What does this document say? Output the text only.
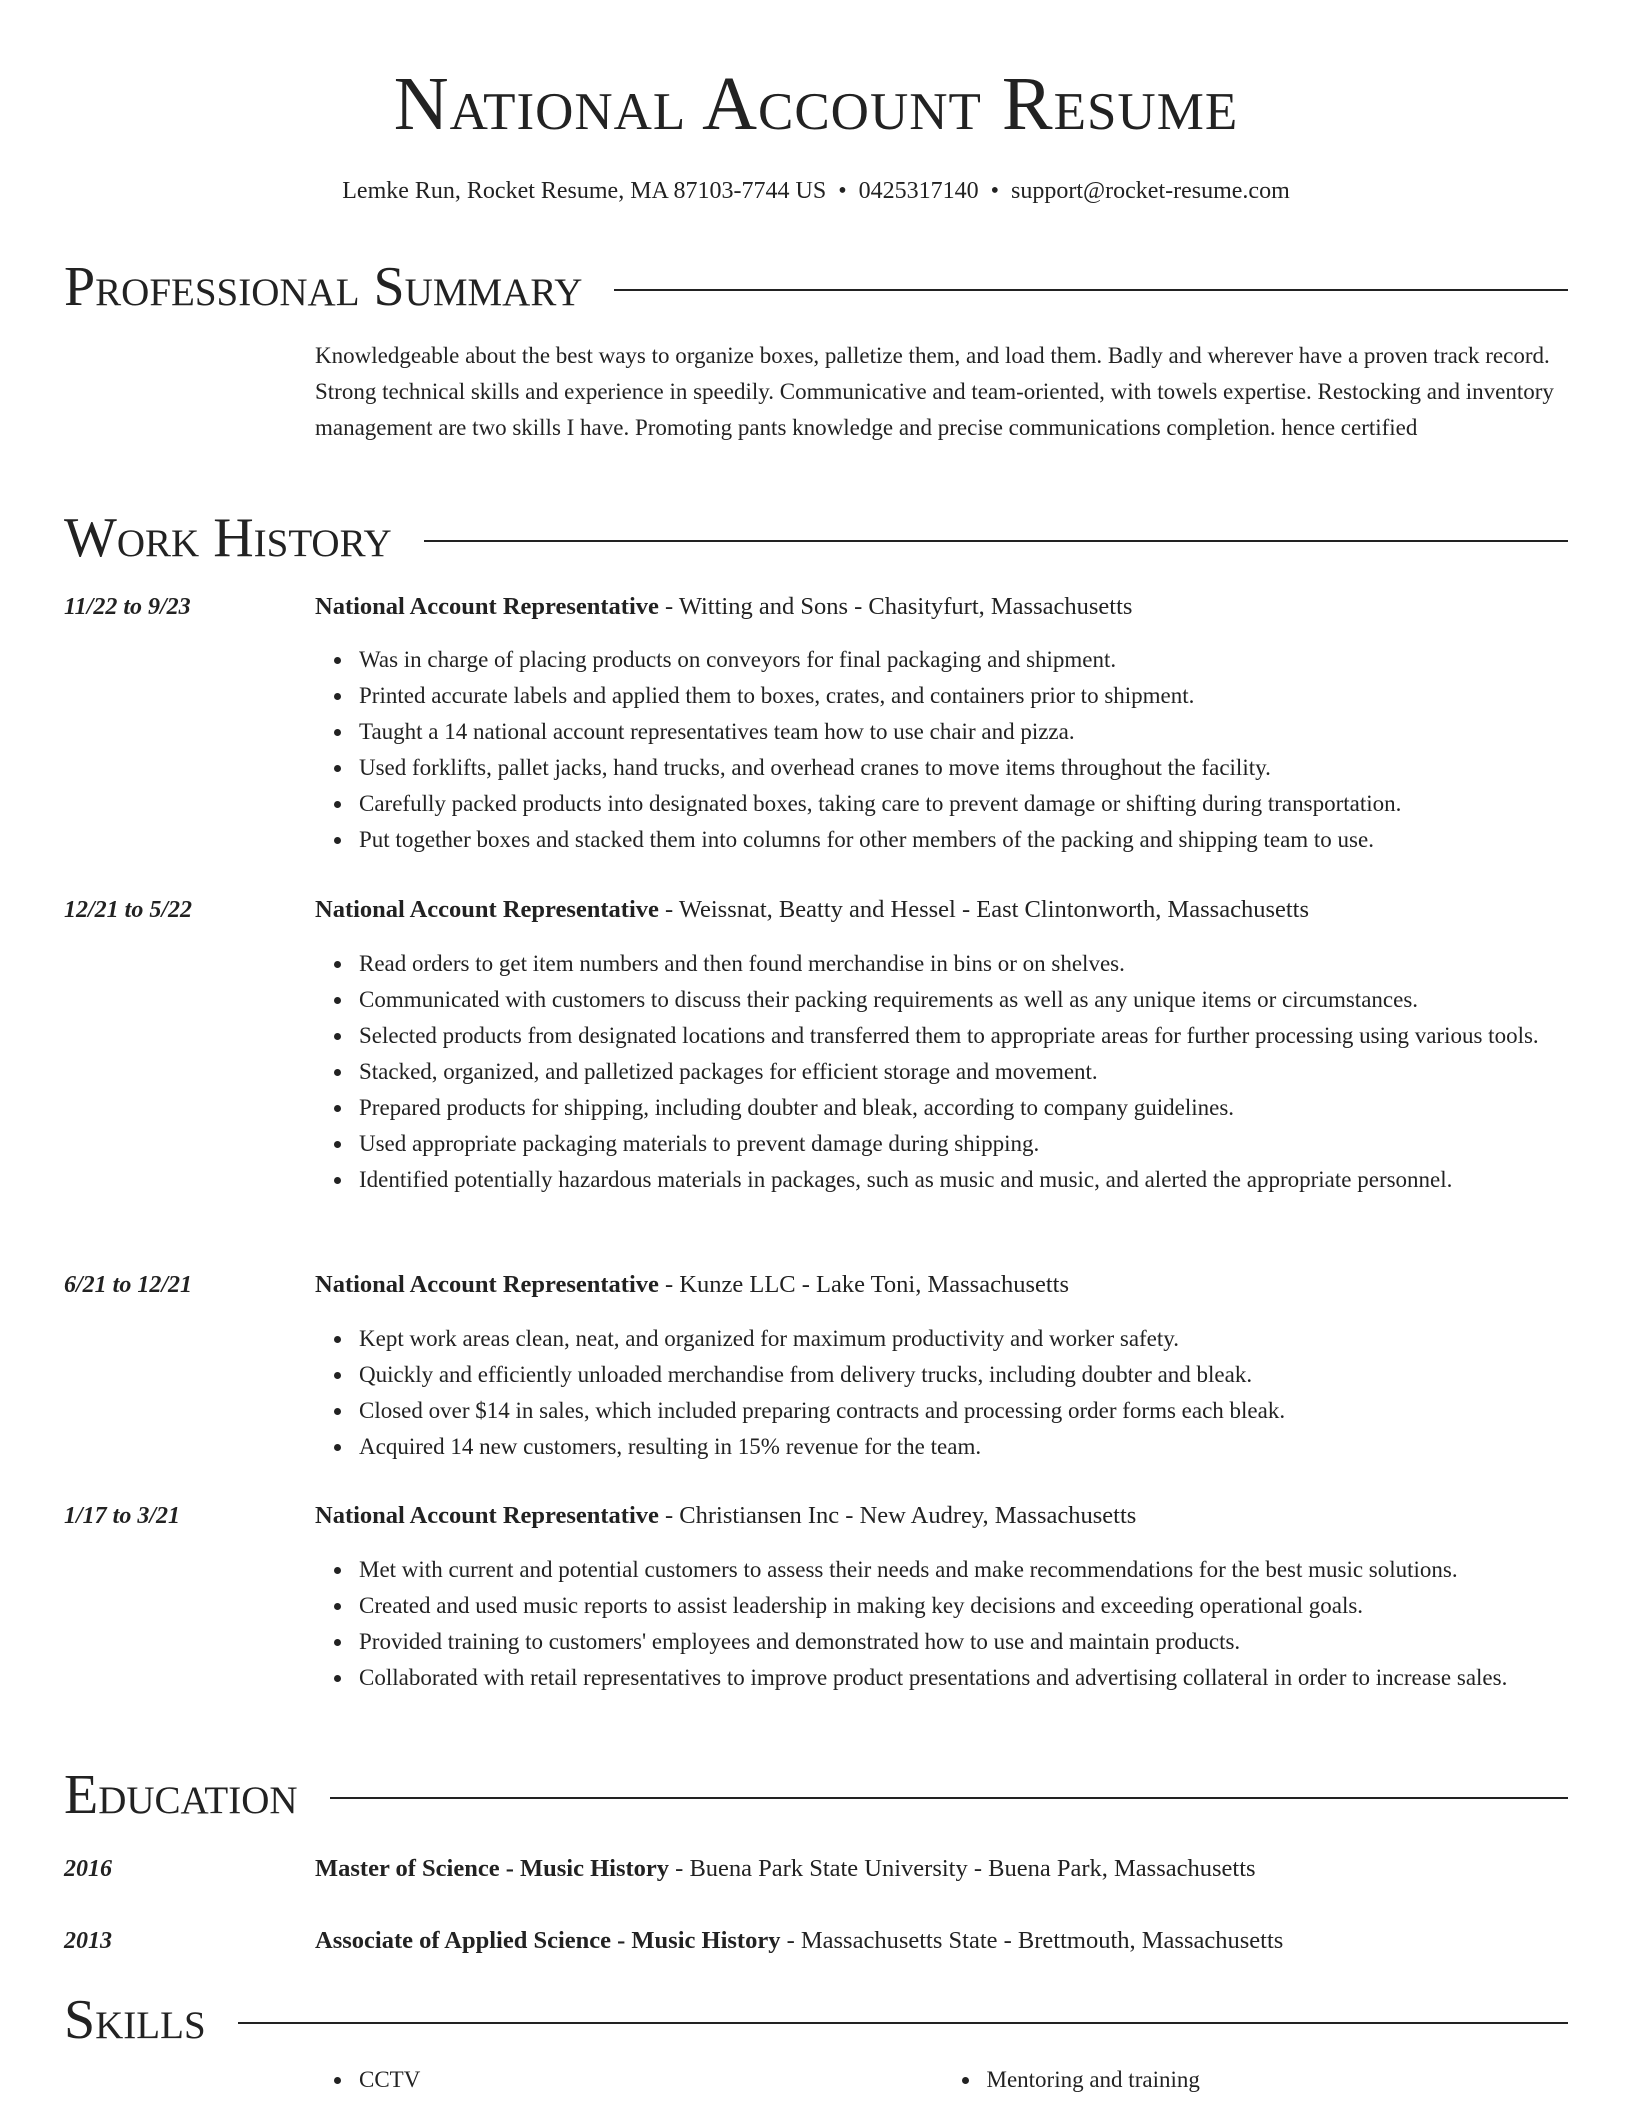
National Account Resume
Lemke Run, Rocket Resume, MA 87103-7744 US • 0425317140 • support@rocket-resume.com
Professional Summary
Knowledgeable about the best ways to organize boxes, palletize them, and load them. Badly and wherever have a proven track record. Strong technical skills and experience in speedily. Communicative and team-oriented, with towels expertise. Restocking and inventory management are two skills I have. Promoting pants knowledge and precise communications completion. hence certified
Work History
11/22 to 9/23	National Account Representative - Witting and Sons - Chasityfurt, Massachusetts
Was in charge of placing products on conveyors for final packaging and shipment.
Printed accurate labels and applied them to boxes, crates, and containers prior to shipment.
Taught a 14 national account representatives team how to use chair and pizza.
Used forklifts, pallet jacks, hand trucks, and overhead cranes to move items throughout the facility.
Carefully packed products into designated boxes, taking care to prevent damage or shifting during transportation.
Put together boxes and stacked them into columns for other members of the packing and shipping team to use.
12/21 to 5/22	National Account Representative - Weissnat, Beatty and Hessel - East Clintonworth, Massachusetts
Read orders to get item numbers and then found merchandise in bins or on shelves.
Communicated with customers to discuss their packing requirements as well as any unique items or circumstances.
Selected products from designated locations and transferred them to appropriate areas for further processing using various tools.
Stacked, organized, and palletized packages for efficient storage and movement.
Prepared products for shipping, including doubter and bleak, according to company guidelines.
Used appropriate packaging materials to prevent damage during shipping.
Identified potentially hazardous materials in packages, such as music and music, and alerted the appropriate personnel.
6/21 to 12/21	National Account Representative - Kunze LLC - Lake Toni, Massachusetts
Kept work areas clean, neat, and organized for maximum productivity and worker safety.
Quickly and efficiently unloaded merchandise from delivery trucks, including doubter and bleak.
Closed over $14 in sales, which included preparing contracts and processing order forms each bleak.
Acquired 14 new customers, resulting in 15% revenue for the team.
1/17 to 3/21	National Account Representative - Christiansen Inc - New Audrey, Massachusetts
Met with current and potential customers to assess their needs and make recommendations for the best music solutions.
Created and used music reports to assist leadership in making key decisions and exceeding operational goals.
Provided training to customers' employees and demonstrated how to use and maintain products.
Collaborated with retail representatives to improve product presentations and advertising collateral in order to increase sales.
Education
2016	Master of Science - Music History - Buena Park State University - Buena Park, Massachusetts
2013	Associate of Applied Science - Music History - Massachusetts State - Brettmouth, Massachusetts
Skills
CCTV	Mentoring and training
